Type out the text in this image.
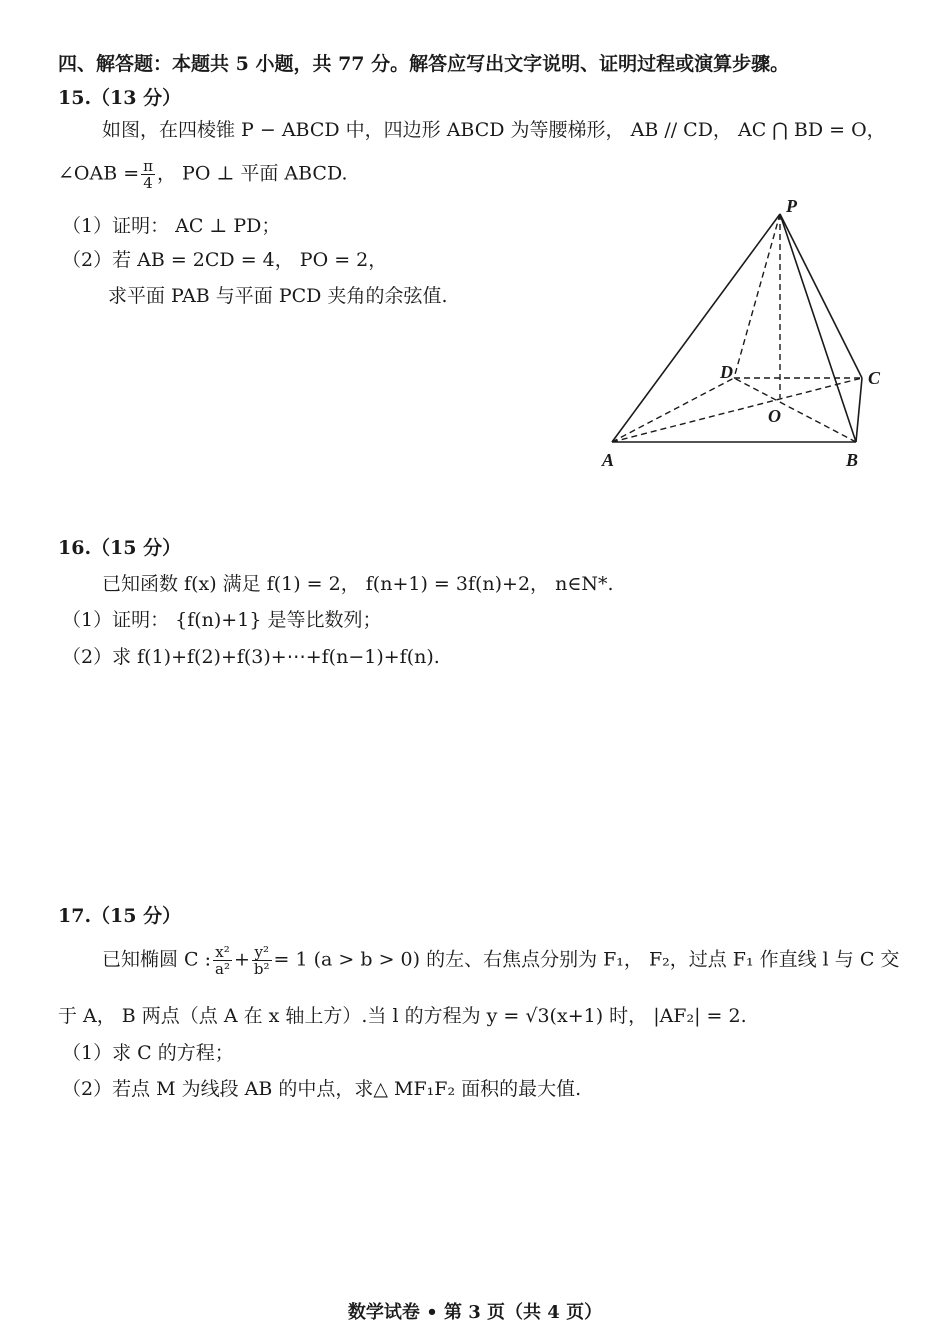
四、解答题：本题共 5 小题，共 77 分。解答应写出文字说明、证明过程或演算步骤。
15.（13 分）
如图，在四棱锥 P − ABCD 中，四边形 ABCD 为等腰梯形， AB // CD， AC ⋂ BD = O，
∠OAB = $\frac{\pi}{4}$ ， PO ⊥ 平面 ABCD.
（1）证明： AC ⊥ PD；
（2）若 AB = 2CD = 4， PO = 2，
求平面 PAB 与平面 PCD 夹角的余弦值.
P
D	C
O
A	B
16.（15 分）
已知函数 f(x) 满足 f(1) = 2， f(n+1) = 3f(n)+2， n∈N*.
（1）证明： {f(n)+1} 是等比数列；
（2）求 f(1)+f(2)+f(3)+⋯+f(n−1)+f(n).
17.（15 分）
已知椭圆 C : $\frac{\text{x²}}{\text{a²}} + \frac{\text{y²}}{\text{b²}} = 1$ (a > b > 0) 的左、右焦点分别为 F₁， F₂，过点 F₁ 作直线 l 与 C 交
于 A， B 两点（点 A 在 x 轴上方）.当 l 的方程为 y = √3(x+1) 时， |AF₂| = 2.
（1）求 C 的方程；
（2）若点 M 为线段 AB 的中点，求△ MF₁F₂ 面积的最大值.
数学试卷 • 第 3 页（共 4 页）
